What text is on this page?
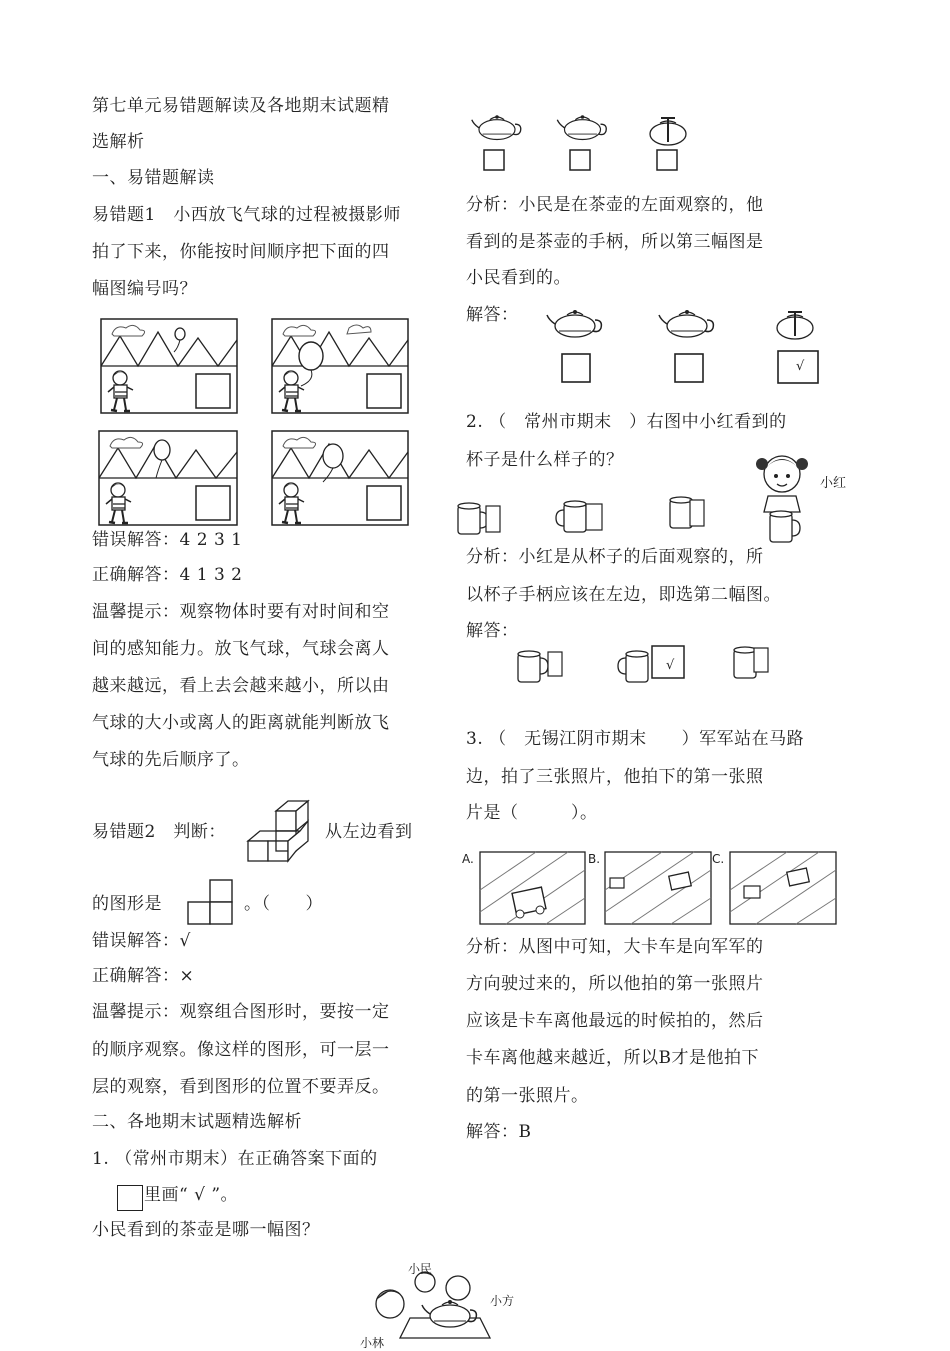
第七单元易错题解读及各地期末试题精
选解析
一、易错题解读
易错题1　小西放飞气球的过程被摄影师
拍了下来，你能按时间顺序把下面的四
幅图编号吗？
错误解答：4 2 3 1
正确解答：4 1 3 2
温馨提示：观察物体时要有对时间和空
间的感知能力。放飞气球，气球会离人
越来越远，看上去会越来越小，所以由
气球的大小或离人的距离就能判断放飞
气球的先后顺序了。
易错题2　判断：	从左边看到
的图形是	。（　　）
错误解答：√
正确解答：×
温馨提示：观察组合图形时，要按一定
的顺序观察。像这样的图形，可一层一
层的观察，看到图形的位置不要弄反。
二、各地期末试题精选解析
1. （常州市期末）在正确答案下面的
里画“ √ ”。
小民看到的茶壶是哪一幅图？
小民
小方
小林
分析：小民是在茶壶的左面观察的，他
看到的是茶壶的手柄，所以第三幅图是
小民看到的。
解答：
√
2. （　常州市期末　）右图中小红看到的
杯子是什么样子的？
小红
分析：小红是从杯子的后面观察的，所
以杯子手柄应该在左边，即选第二幅图。
解答：
√
3. （　无锡江阴市期末　　）军军站在马路
边，拍了三张照片，他拍下的第一张照
片是（　　　）。
A.	B.	C.
分析：从图中可知，大卡车是向军军的
方向驶过来的，所以他拍的第一张照片
应该是卡车离他最远的时候拍的，然后
卡车离他越来越近，所以B才是他拍下
的第一张照片。
解答：B
